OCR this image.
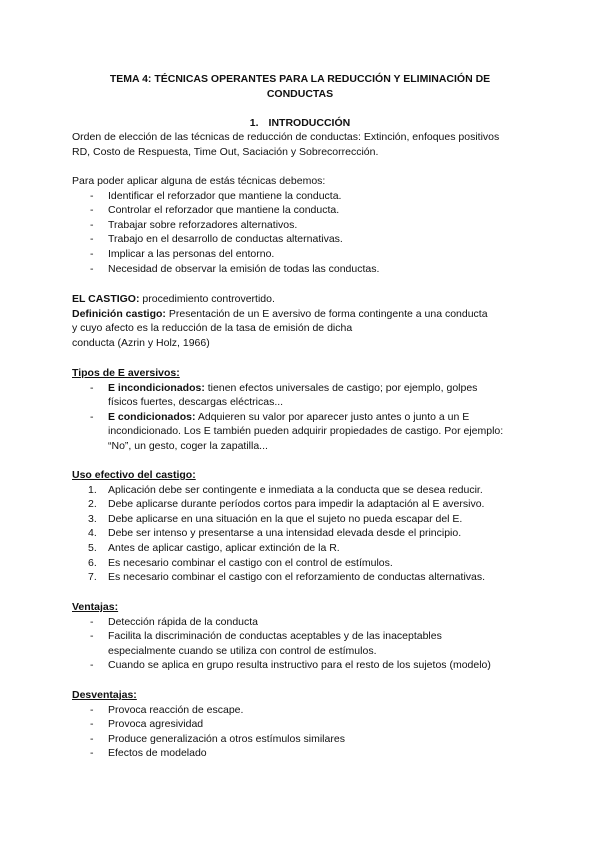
TEMA 4: TÉCNICAS OPERANTES PARA LA REDUCCIÓN Y ELIMINACIÓN DE
CONDUCTAS
1. INTRODUCCIÓN
Orden de elección de las técnicas de reducción de conductas: Extinción, enfoques positivos
RD, Costo de Respuesta, Time Out, Saciación y Sobrecorrección.
Para poder aplicar alguna de estás técnicas debemos:
- Identificar el reforzador que mantiene la conducta.
- Controlar el reforzador que mantiene la conducta.
- Trabajar sobre reforzadores alternativos.
- Trabajo en el desarrollo de conductas alternativas.
- Implicar a las personas del entorno.
- Necesidad de observar la emisión de todas las conductas.
EL CASTIGO: procedimiento controvertido.
Definición castigo: Presentación de un E aversivo de forma contingente a una conducta
y cuyo afecto es la reducción de la tasa de emisión de dicha
conducta (Azrin y Holz, 1966)
Tipos de E aversivos:
- E incondicionados: tienen efectos universales de castigo; por ejemplo, golpes
físicos fuertes, descargas eléctricas...
- E condicionados: Adquieren su valor por aparecer justo antes o junto a un E
incondicionado. Los E también pueden adquirir propiedades de castigo. Por ejemplo:
“No”, un gesto, coger la zapatilla...
Uso efectivo del castigo:
1. Aplicación debe ser contingente e inmediata a la conducta que se desea reducir.
2. Debe aplicarse durante períodos cortos para impedir la adaptación al E aversivo.
3. Debe aplicarse en una situación en la que el sujeto no pueda escapar del E.
4. Debe ser intenso y presentarse a una intensidad elevada desde el principio.
5. Antes de aplicar castigo, aplicar extinción de la R.
6. Es necesario combinar el castigo con el control de estímulos.
7. Es necesario combinar el castigo con el reforzamiento de conductas alternativas.
Ventajas:
- Detección rápida de la conducta
- Facilita la discriminación de conductas aceptables y de las inaceptables
especialmente cuando se utiliza con control de estímulos.
- Cuando se aplica en grupo resulta instructivo para el resto de los sujetos (modelo)
Desventajas:
- Provoca reacción de escape.
- Provoca agresividad
- Produce generalización a otros estímulos similares
- Efectos de modelado
